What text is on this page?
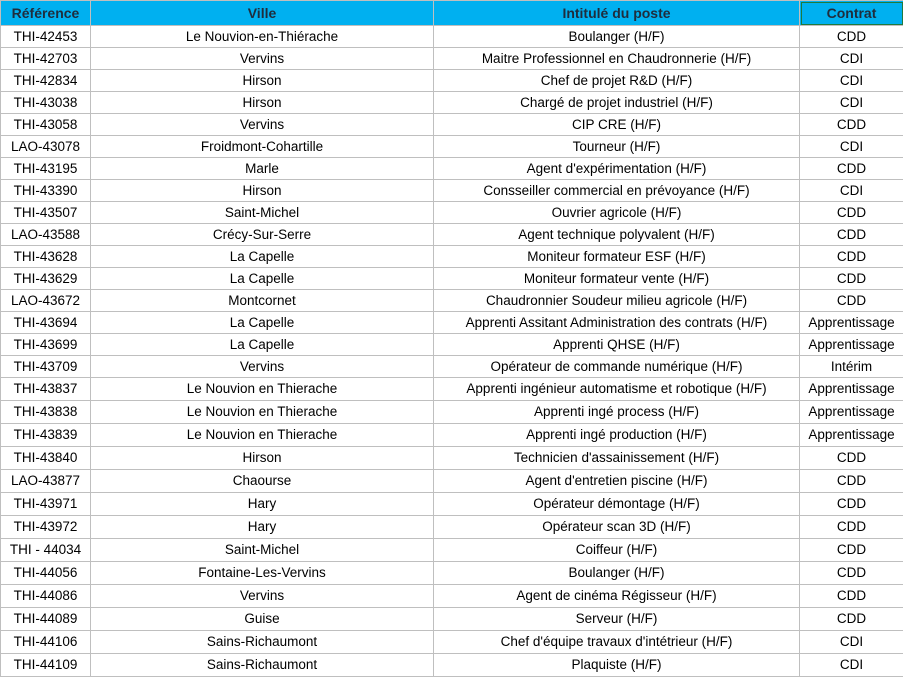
Référence	Ville	Intitulé du poste	Contrat
THI-42453	Le Nouvion-en-Thiérache	Boulanger (H/F)	CDD
THI-42703	Vervins	Maitre Professionnel en Chaudronnerie (H/F)	CDI
THI-42834	Hirson	Chef de projet R&D (H/F)	CDI
THI-43038	Hirson	Chargé de projet industriel (H/F)	CDI
THI-43058	Vervins	CIP CRE (H/F)	CDD
LAO-43078	Froidmont-Cohartille	Tourneur (H/F)	CDI
THI-43195	Marle	Agent d'expérimentation (H/F)	CDD
THI-43390	Hirson	Consseiller commercial en prévoyance (H/F)	CDI
THI-43507	Saint-Michel	Ouvrier agricole (H/F)	CDD
LAO-43588	Crécy-Sur-Serre	Agent technique polyvalent (H/F)	CDD
THI-43628	La Capelle	Moniteur formateur ESF (H/F)	CDD
THI-43629	La Capelle	Moniteur formateur vente (H/F)	CDD
LAO-43672	Montcornet	Chaudronnier Soudeur milieu agricole (H/F)	CDD
THI-43694	La Capelle	Apprenti Assitant Administration des contrats (H/F)	Apprentissage
THI-43699	La Capelle	Apprenti QHSE (H/F)	Apprentissage
THI-43709	Vervins	Opérateur de commande numérique (H/F)	Intérim
THI-43837	Le Nouvion en Thierache	Apprenti ingénieur automatisme et robotique (H/F)	Apprentissage
THI-43838	Le Nouvion en Thierache	Apprenti ingé process (H/F)	Apprentissage
THI-43839	Le Nouvion en Thierache	Apprenti ingé production (H/F)	Apprentissage
THI-43840	Hirson	Technicien d'assainissement (H/F)	CDD
LAO-43877	Chaourse	Agent d'entretien piscine (H/F)	CDD
THI-43971	Hary	Opérateur démontage (H/F)	CDD
THI-43972	Hary	Opérateur scan 3D (H/F)	CDD
THI - 44034	Saint-Michel	Coiffeur (H/F)	CDD
THI-44056	Fontaine-Les-Vervins	Boulanger (H/F)	CDD
THI-44086	Vervins	Agent de cinéma Régisseur (H/F)	CDD
THI-44089	Guise	Serveur (H/F)	CDD
THI-44106	Sains-Richaumont	Chef d'équipe travaux d'intétrieur (H/F)	CDI
THI-44109	Sains-Richaumont	Plaquiste (H/F)	CDI
